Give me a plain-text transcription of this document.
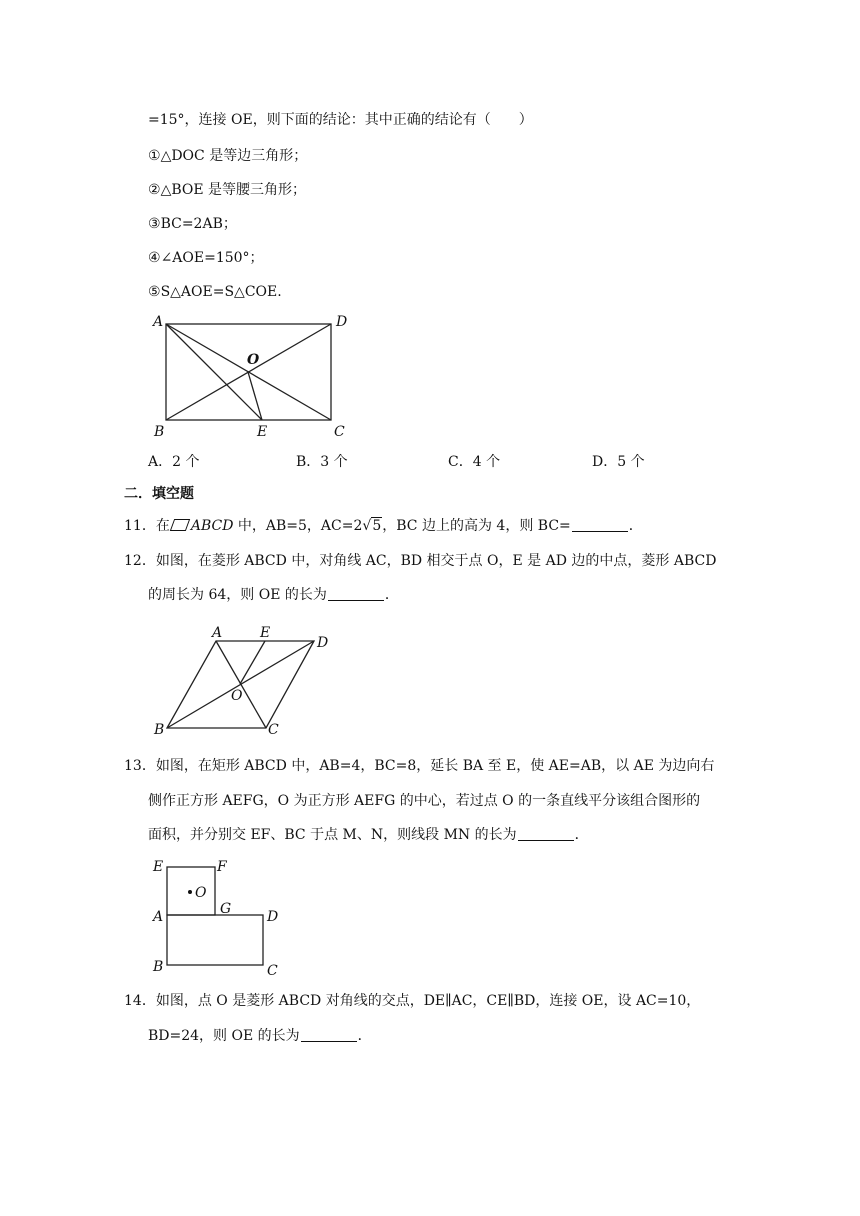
=15°，连接 OE，则下面的结论：其中正确的结论有（　　）
①△DOC 是等边三角形；
②△BOE 是等腰三角形；
③BC=2AB；
④∠AOE=150°；
⑤S△AOE=S△COE.
A	D
B	C
O
E
A．2 个	B．3 个	C．4 个	D．5 个
二．填空题
11．在 ABCD 中，AB=5，AC=2√5，BC 边上的高为 4，则 BC=	．
12．如图，在菱形 ABCD 中，对角线 AC，BD 相交于点 O，E 是 AD 边的中点，菱形 ABCD
的周长为 64，则 OE 的长为	．
A	E
D
B	C
O
13．如图，在矩形 ABCD 中，AB=4，BC=8，延长 BA 至 E，使 AE=AB，以 AE 为边向右
侧作正方形 AEFG，O 为正方形 AEFG 的中心，若过点 O 的一条直线平分该组合图形的
面积，并分别交 EF、BC 于点 M、N，则线段 MN 的长为	．
E	F
O
G
A	D
B	C
14．如图，点 O 是菱形 ABCD 对角线的交点，DE∥AC，CE∥BD，连接 OE，设 AC=10，
BD=24，则 OE 的长为	．
